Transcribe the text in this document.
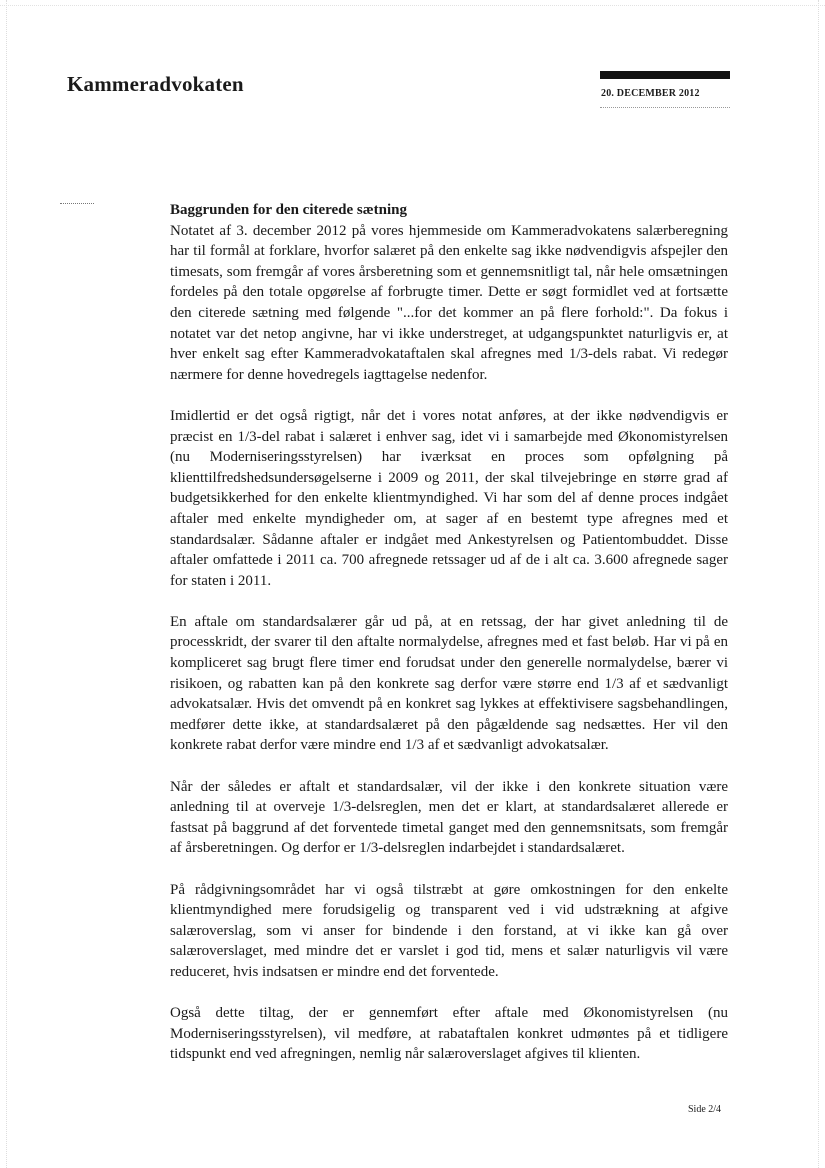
Kammeradvokaten	20. DECEMBER 2012

Baggrunden for den citerede sætning

Notatet af 3. december 2012 på vores hjemmeside om Kammeradvokatens salærberegning har til formål at forklare, hvorfor salæret på den enkelte sag ikke nødvendigvis afspejler den timesats, som fremgår af vores årsberetning som et gennemsnitligt tal, når hele omsætningen fordeles på den totale opgørelse af forbrugte timer. Dette er søgt formidlet ved at fortsætte den citerede sætning med følgende "...for det kommer an på flere forhold:". Da fokus i notatet var det netop angivne, har vi ikke understreget, at udgangspunktet naturligvis er, at hver enkelt sag efter Kammeradvokataftalen skal afregnes med 1/3-dels rabat. Vi redegør nærmere for denne hovedregels iagttagelse nedenfor.

Imidlertid er det også rigtigt, når det i vores notat anføres, at der ikke nødvendigvis er præcist en 1/3-del rabat i salæret i enhver sag, idet vi i samarbejde med Økonomistyrelsen (nu Moderniseringsstyrelsen) har iværksat en proces som opfølgning på klienttilfredshedsundersøgelserne i 2009 og 2011, der skal tilvejebringe en større grad af budgetsikkerhed for den enkelte klientmyndighed. Vi har som del af denne proces indgået aftaler med enkelte myndigheder om, at sager af en bestemt type afregnes med et standardsalær. Sådanne aftaler er indgået med Ankestyrelsen og Patientombuddet. Disse aftaler omfattede i 2011 ca. 700 afregnede retssager ud af de i alt ca. 3.600 afregnede sager for staten i 2011.

En aftale om standardsalærer går ud på, at en retssag, der har givet anledning til de processkridt, der svarer til den aftalte normalydelse, afregnes med et fast beløb. Har vi på en kompliceret sag brugt flere timer end forudsat under den generelle normalydelse, bærer vi risikoen, og rabatten kan på den konkrete sag derfor være større end 1/3 af et sædvanligt advokatsalær. Hvis det omvendt på en konkret sag lykkes at effektivisere sagsbehandlingen, medfører dette ikke, at standardsalæret på den pågældende sag nedsættes. Her vil den konkrete rabat derfor være mindre end 1/3 af et sædvanligt advokatsalær.

Når der således er aftalt et standardsalær, vil der ikke i den konkrete situation være anledning til at overveje 1/3-delsreglen, men det er klart, at standardsalæret allerede er fastsat på baggrund af det forventede timetal ganget med den gennemsnitsats, som fremgår af årsberetningen. Og derfor er 1/3-delsreglen indarbejdet i standardsalæret.

På rådgivningsområdet har vi også tilstræbt at gøre omkostningen for den enkelte klientmyndighed mere forudsigelig og transparent ved i vid udstrækning at afgive salæroverslag, som vi anser for bindende i den forstand, at vi ikke kan gå over salæroverslaget, med mindre det er varslet i god tid, mens et salær naturligvis vil være reduceret, hvis indsatsen er mindre end det forventede.

Også dette tiltag, der er gennemført efter aftale med Økonomistyrelsen (nu Moderniseringsstyrelsen), vil medføre, at rabataftalen konkret udmøntes på et tidligere tidspunkt end ved afregningen, nemlig når salæroverslaget afgives til klienten.

Side 2/4
